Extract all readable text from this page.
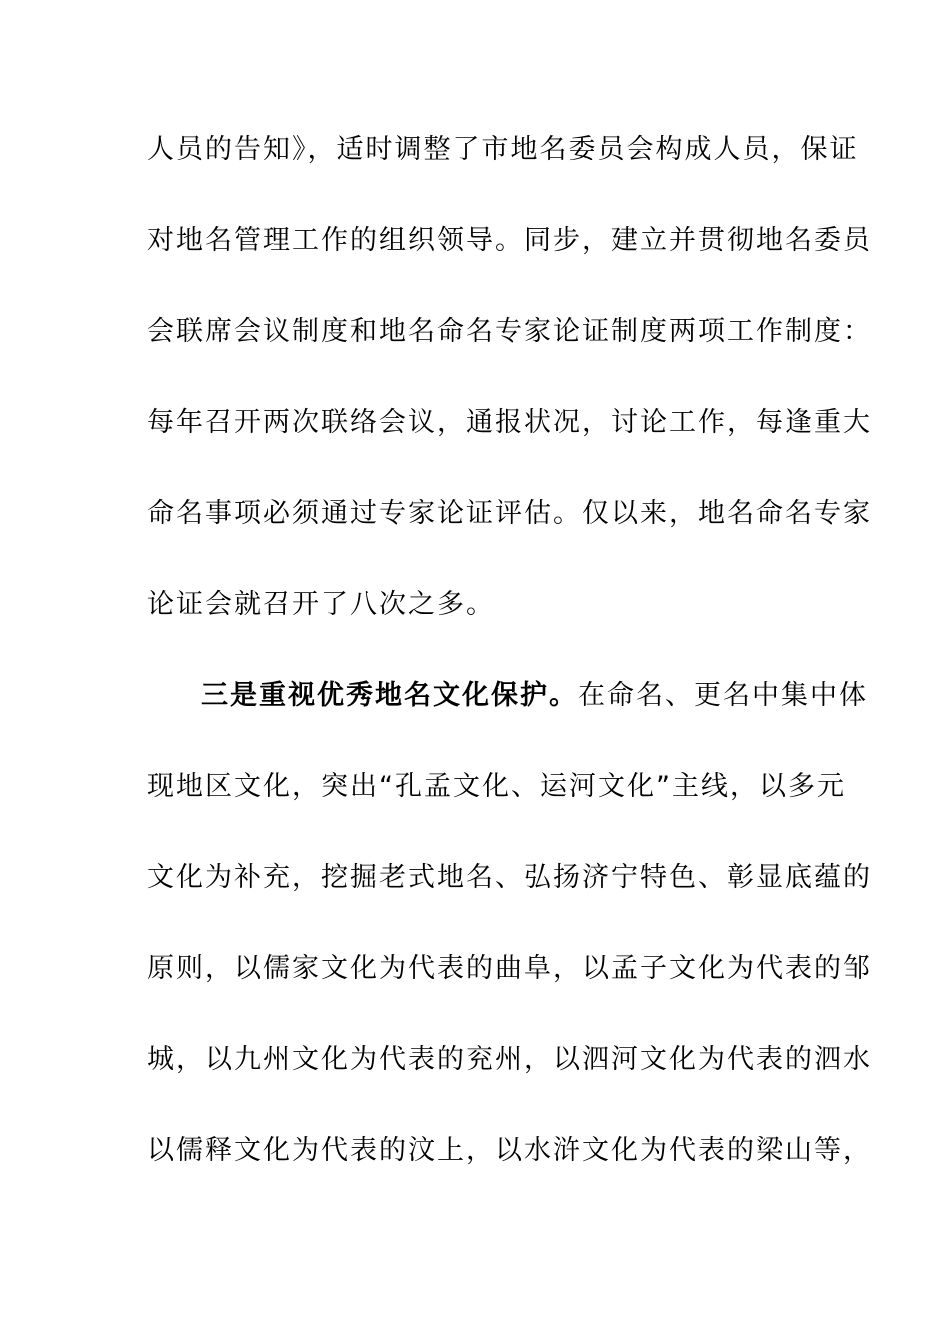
人员的告知》，适时调整了市地名委员会构成人员，保证
对地名管理工作的组织领导。同步，建立并贯彻地名委员
会联席会议制度和地名命名专家论证制度两项工作制度：
每年召开两次联络会议，通报状况，讨论工作，每逢重大
命名事项必须通过专家论证评估。仅以来，地名命名专家
论证会就召开了八次之多。
三是重视优秀地名文化保护。在命名、更名中集中体
现地区文化，突出“孔孟文化、运河文化”主线，以多元
文化为补充，挖掘老式地名、弘扬济宁特色、彰显底蕴的
原则，以儒家文化为代表的曲阜，以孟子文化为代表的邹
城，以九州文化为代表的兖州，以泗河文化为代表的泗水
以儒释文化为代表的汶上，以水浒文化为代表的梁山等，
